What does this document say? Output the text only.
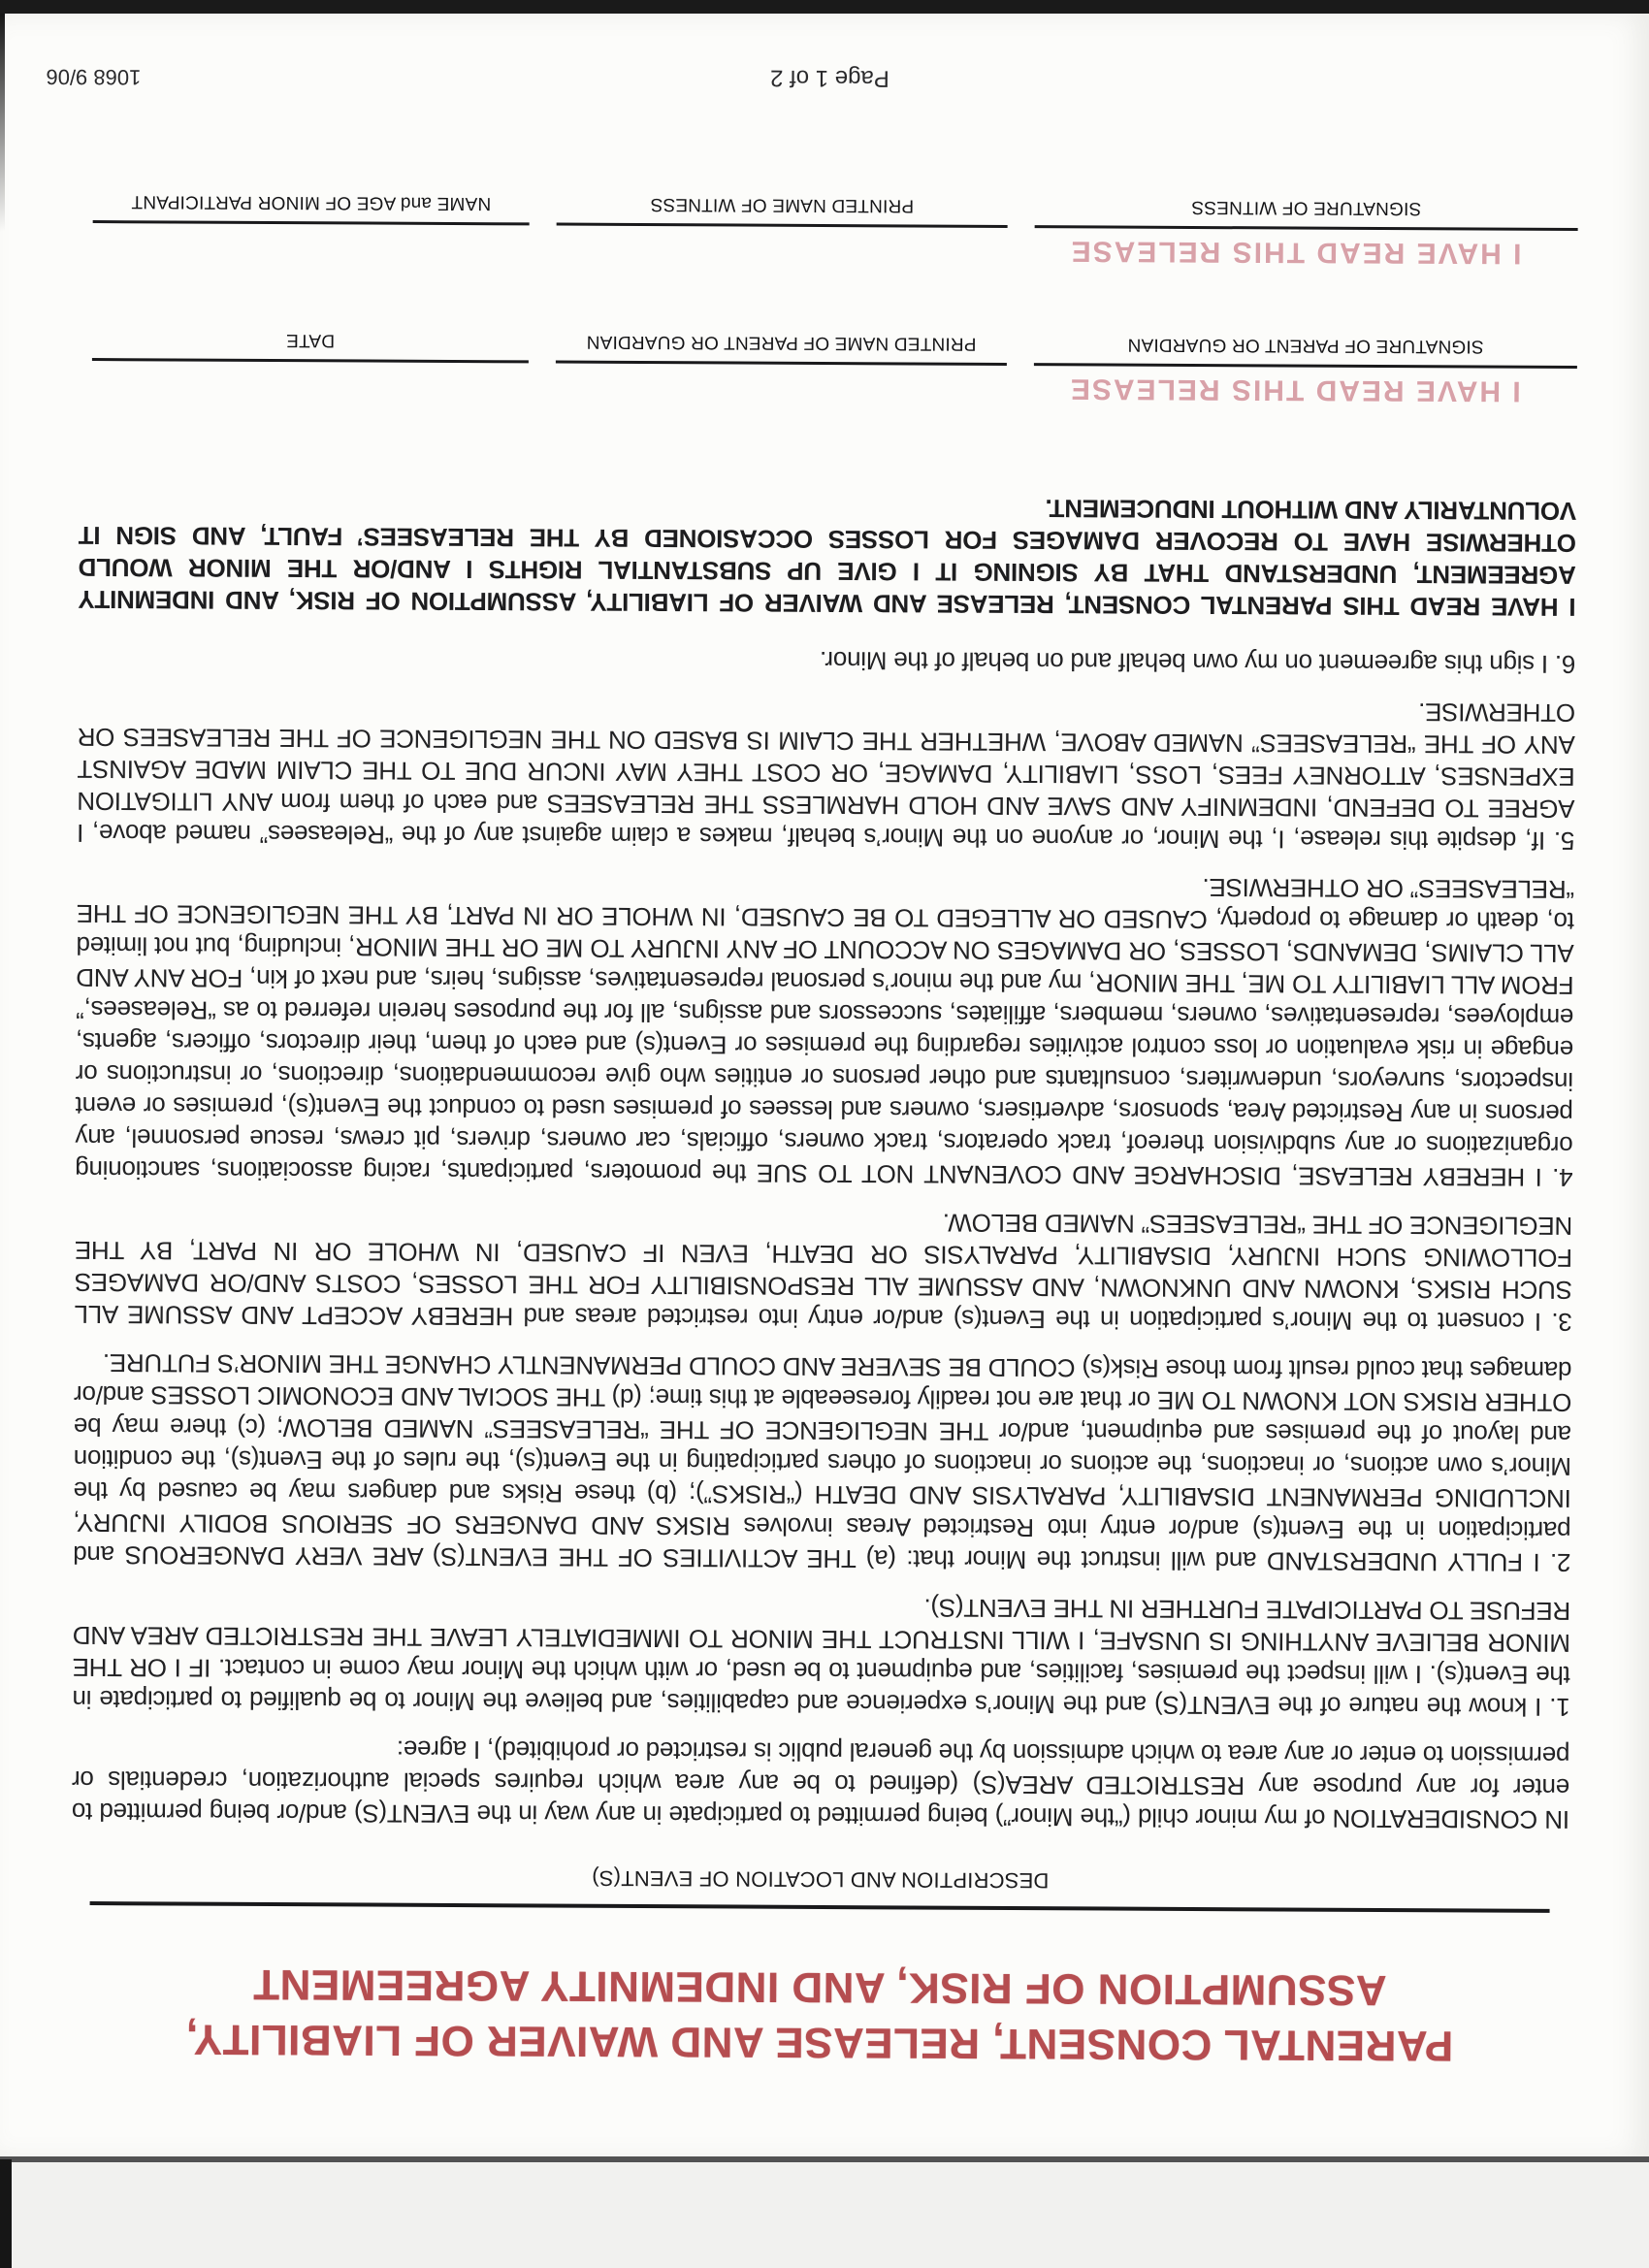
PARENTAL CONSENT, RELEASE AND WAIVER OF LIABILITY,
ASSUMPTION OF RISK, AND INDEMNITY AGREEMENT
DESCRIPTION AND LOCATION OF EVENT(S)

IN CONSIDERATION of my minor child (“the Minor”) being permitted to participate in any way in the EVENT(S) and/or being permitted to enter for any purpose any RESTRICTED AREA(S) (defined to be any area which requires special authorization, credentials or permission to enter or any area to which admission by the general public is restricted or prohibited), I agree:

1. I know the nature of the EVENT(S) and the Minor’s experience and capabilities, and believe the Minor to be qualified to participate in the Event(s). I will inspect the premises, facilities, and equipment to be used, or with which the Minor may come in contact. IF I OR THE MINOR BELIEVE ANYTHING IS UNSAFE, I WILL INSTRUCT THE MINOR TO IMMEDIATELY LEAVE THE RESTRICTED AREA AND REFUSE TO PARTICIPATE FURTHER IN THE EVENT(S).

2. I FULLY UNDERSTAND and will instruct the Minor that: (a) THE ACTIVITIES OF THE EVENT(S) ARE VERY DANGEROUS and participation in the Event(s) and/or entry into Restricted Areas involves RISKS AND DANGERS OF SERIOUS BODILY INJURY, INCLUDING PERMANENT DISABILITY, PARALYSIS AND DEATH (“RISKS”); (b) these Risks and dangers may be caused by the Minor’s own actions, or inactions, the actions or inactions of others participating in the Event(s), the rules of the Event(s), the condition and layout of the premises and equipment, and/or THE NEGLIGENCE OF THE “RELEASEES” NAMED BELOW; (c) there may be OTHER RISKS NOT KNOWN TO ME or that are not readily foreseeable at this time; (d) THE SOCIAL AND ECONOMIC LOSSES and/or damages that could result from those Risk(s) COULD BE SEVERE AND COULD PERMANENTLY CHANGE THE MINOR’S FUTURE.

3. I consent to the Minor’s participation in the Event(s) and/or entry into restricted areas and HEREBY ACCEPT AND ASSUME ALL SUCH RISKS, KNOWN AND UNKNOWN, AND ASSUME ALL RESPONSIBILITY FOR THE LOSSES, COSTS AND/OR DAMAGES FOLLOWING SUCH INJURY, DISABILITY, PARALYSIS OR DEATH, EVEN IF CAUSED, IN WHOLE OR IN PART, BY THE NEGLIGENCE OF THE “RELEASEES” NAMED BELOW.

4. I HEREBY RELEASE, DISCHARGE AND COVENANT NOT TO SUE the promoters, participants, racing associations, sanctioning organizations or any subdivision thereof, track operators, track owners, officials, car owners, drivers, pit crews, rescue personnel, any persons in any Restricted Area, sponsors, advertisers, owners and lessees of premises used to conduct the Event(s), premises or event inspectors, surveyors, underwriters, consultants and other persons or entities who give recommendations, directions, or instructions or engage in risk evaluation or loss control activities regarding the premises or Event(s) and each of them, their directors, officers, agents, employees, representatives, owners, members, affiliates, successors and assigns, all for the purposes herein referred to as “Releasees,” FROM ALL LIABILITY TO ME, THE MINOR, my and the minor’s personal representatives, assigns, heirs, and next of kin, FOR ANY AND ALL CLAIMS, DEMANDS, LOSSES, OR DAMAGES ON ACCOUNT OF ANY INJURY TO ME OR THE MINOR, including, but not limited to, death or damage to property, CAUSED OR ALLEGED TO BE CAUSED, IN WHOLE OR IN PART, BY THE NEGLIGENCE OF THE “RELEASEES” OR OTHERWISE.

5. If, despite this release, I, the Minor, or anyone on the Minor’s behalf, makes a claim against any of the “Releasees” named above, I AGREE TO DEFEND, INDEMNIFY AND SAVE AND HOLD HARMLESS THE RELEASEES and each of them from ANY LITIGATION EXPENSES, ATTORNEY FEES, LOSS, LIABILITY, DAMAGE, OR COST THEY MAY INCUR DUE TO THE CLAIM MADE AGAINST ANY OF THE “RELEASEES” NAMED ABOVE, WHETHER THE CLAIM IS BASED ON THE NEGLIGENCE OF THE RELEASEES OR OTHERWISE.

6. I sign this agreement on my own behalf and on behalf of the Minor.

I HAVE READ THIS PARENTAL CONSENT, RELEASE AND WAIVER OF LIABILITY, ASSUMPTION OF RISK, AND INDEMNITY AGREEMENT, UNDERSTAND THAT BY SIGNING IT I GIVE UP SUBSTANTIAL RIGHTS I AND/OR THE MINOR WOULD OTHERWISE HAVE TO RECOVER DAMAGES FOR LOSSES OCCASIONED BY THE RELEASEES’ FAULT, AND SIGN IT VOLUNTARILY AND WITHOUT INDUCEMENT.

I HAVE READ THIS RELEASE
SIGNATURE OF PARENT OR GUARDIAN
PRINTED NAME OF PARENT OR GUARDIAN
DATE
I HAVE READ THIS RELEASE
SIGNATURE OF WITNESS
PRINTED NAME OF WITNESS
NAME and AGE OF MINOR PARTICIPANT
Page 1 of 2
1068 9/06
